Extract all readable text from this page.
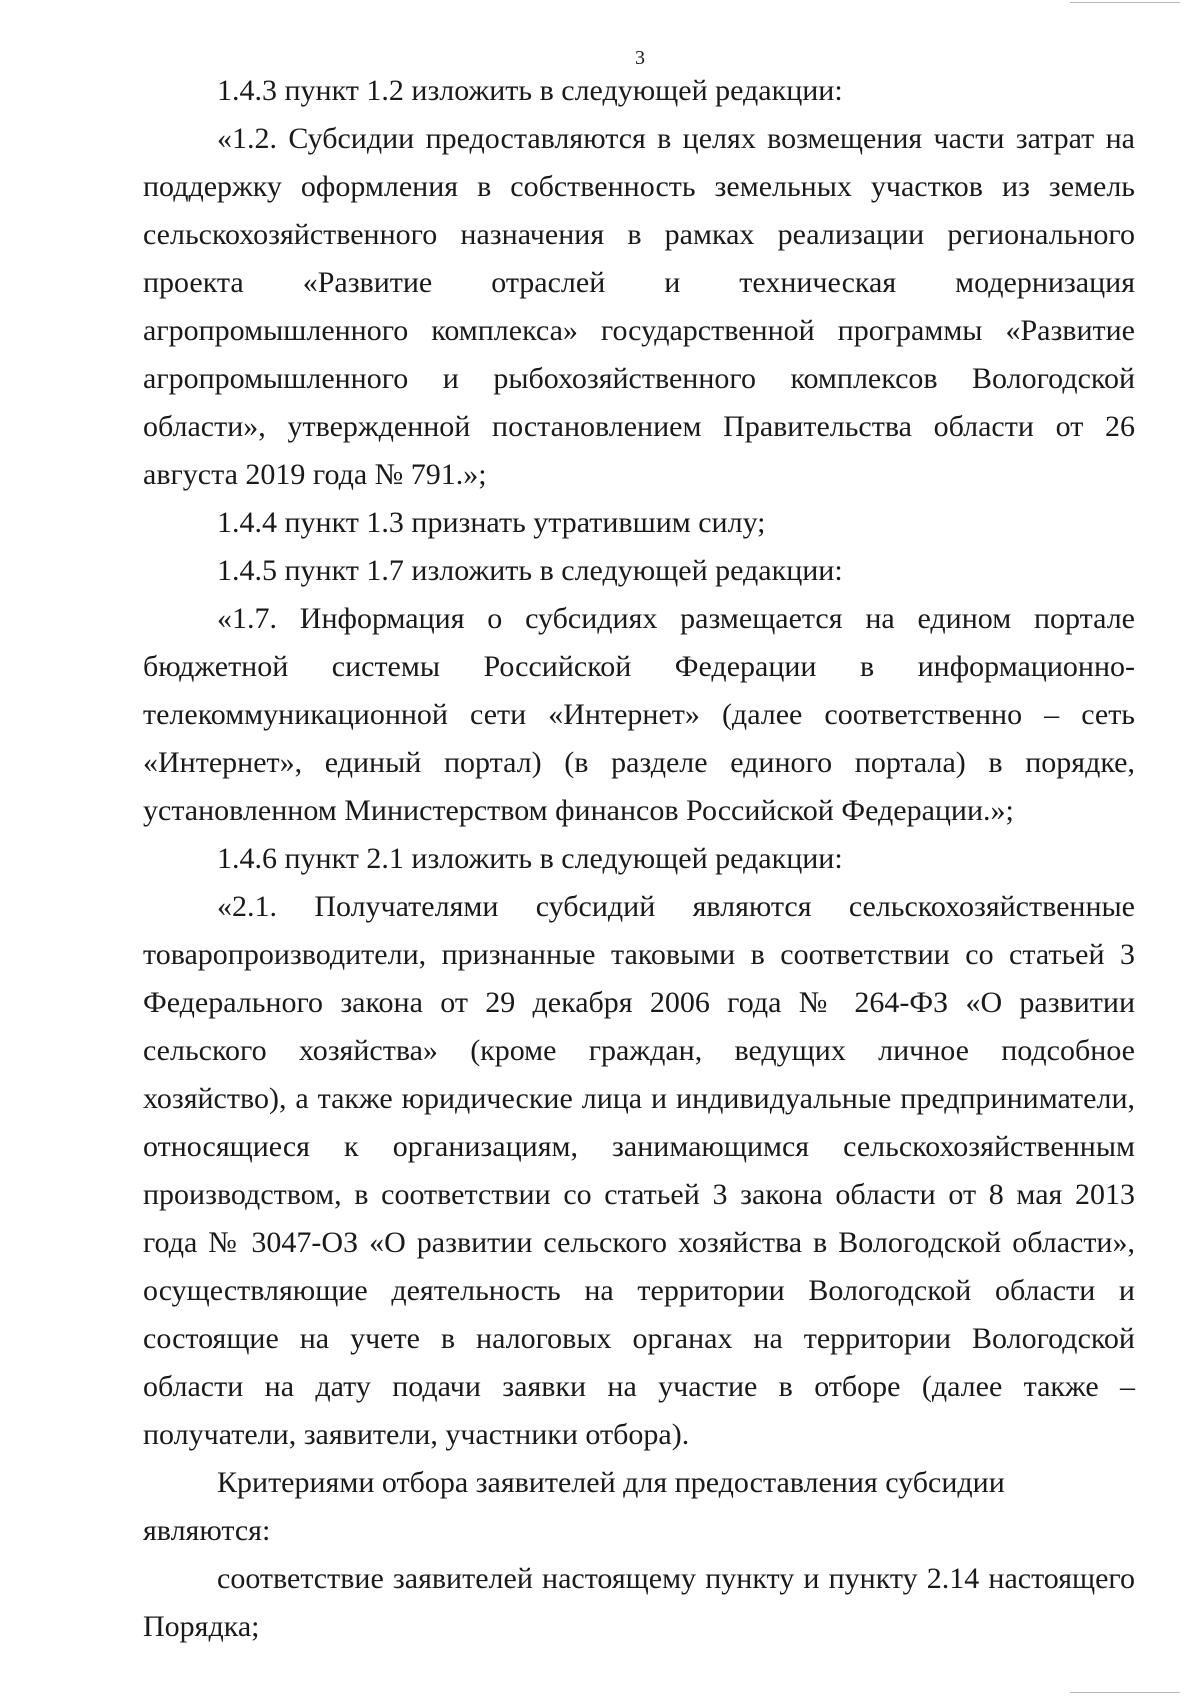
3

1.4.3 пункт 1.2 изложить в следующей редакции:

«1.2. Субсидии предоставляются в целях возмещения части затрат на поддержку оформления в собственность земельных участков из земель сельскохозяйственного назначения в рамках реализации регионального проекта «Развитие отраслей и техническая модернизация агропромышленного комплекса» государственной программы «Развитие агропромышленного и рыбохозяйственного комплексов Вологодской области», утвержденной постановлением Правительства области от 26 августа 2019 года № 791.»;

1.4.4 пункт 1.3 признать утратившим силу;

1.4.5 пункт 1.7 изложить в следующей редакции:

«1.7. Информация о субсидиях размещается на едином портале бюджетной системы Российской Федерации в информационно-телекоммуникационной сети «Интернет» (далее соответственно – сеть «Интернет», единый портал) (в разделе единого портала) в порядке, установленном Министерством финансов Российской Федерации.»;

1.4.6 пункт 2.1 изложить в следующей редакции:

«2.1. Получателями субсидий являются сельскохозяйственные товаропроизводители, признанные таковыми в соответствии со статьей 3 Федерального закона от 29 декабря 2006 года № 264-ФЗ «О развитии сельского хозяйства» (кроме граждан, ведущих личное подсобное хозяйство), а также юридические лица и индивидуальные предприниматели, относящиеся к организациям, занимающимся сельскохозяйственным производством, в соответствии со статьей 3 закона области от 8 мая 2013 года № 3047-ОЗ «О развитии сельского хозяйства в Вологодской области», осуществляющие деятельность на территории Вологодской области и состоящие на учете в налоговых органах на территории Вологодской области на дату подачи заявки на участие в отборе (далее также – получатели, заявители, участники отбора).

Критериями отбора заявителей для предоставления субсидии являются:

соответствие заявителей настоящему пункту и пункту 2.14 настоящего Порядка;
